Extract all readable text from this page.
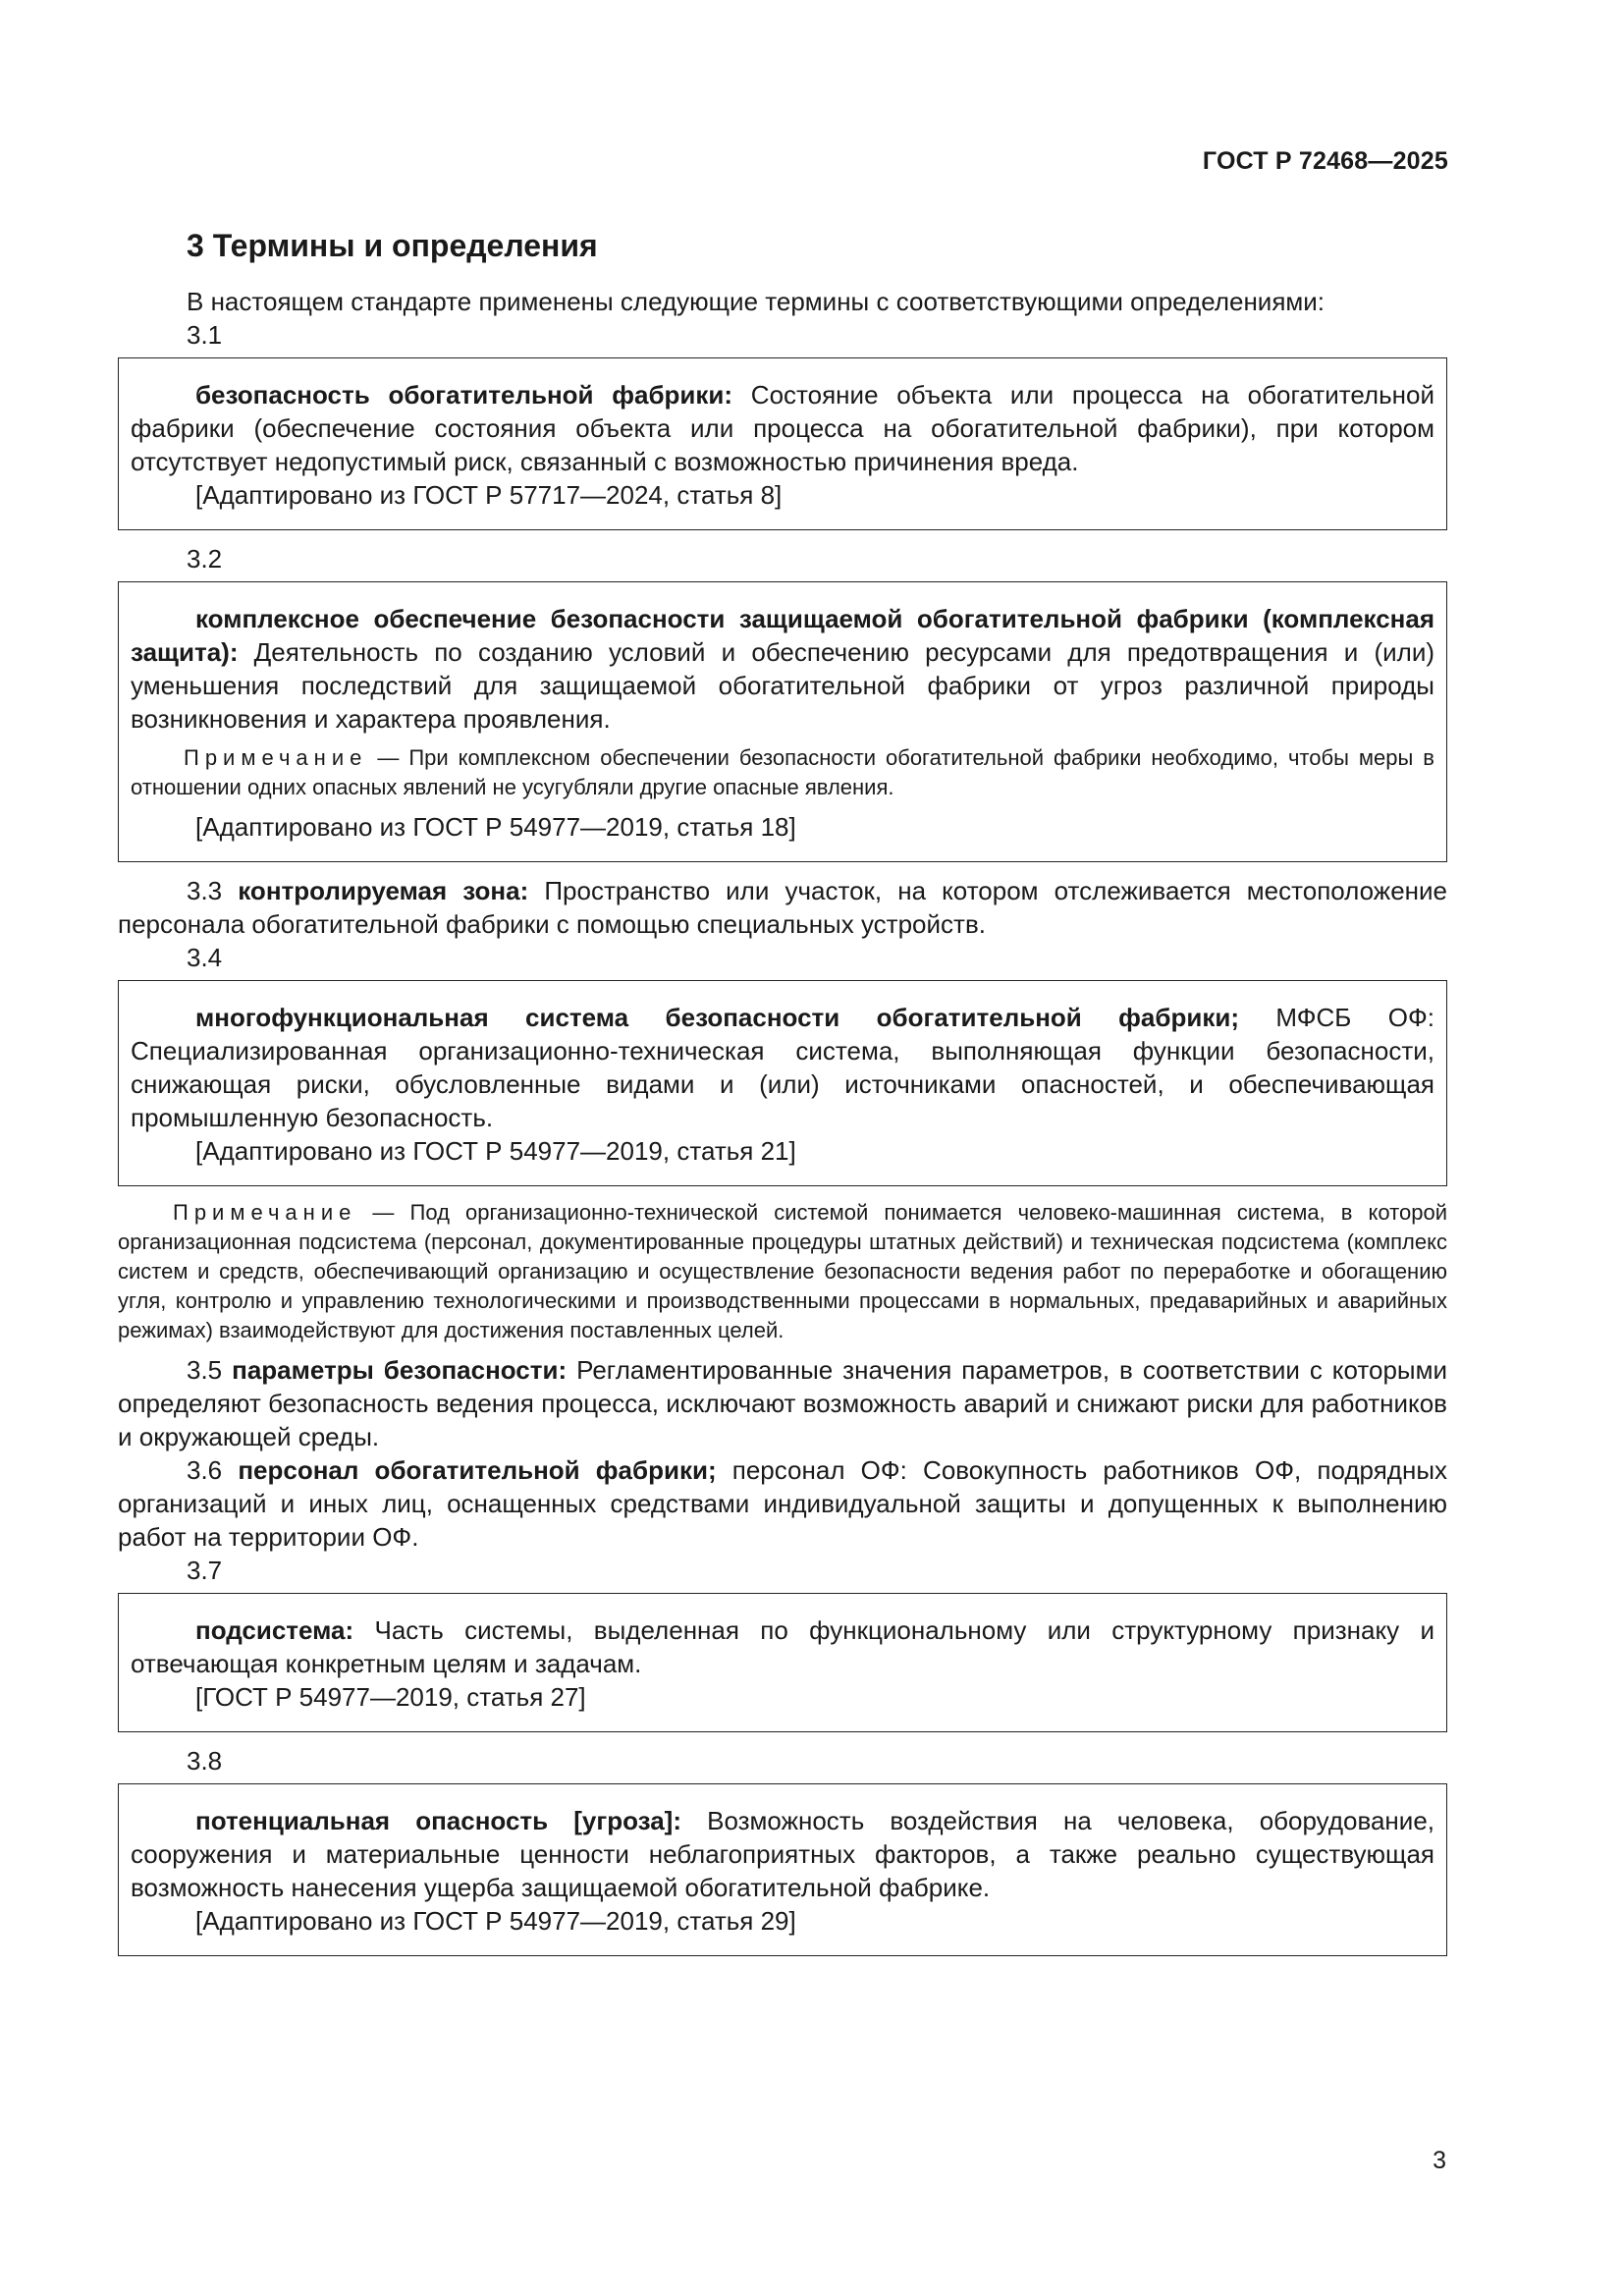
ГОСТ Р 72468—2025
3 Термины и определения

В настоящем стандарте применены следующие термины с соответствующими определениями:

3.1

безопасность обогатительной фабрики: Состояние объекта или процесса на обогатительной фабрики (обеспечение состояния объекта или процесса на обогатительной фабрики), при котором отсутствует недопустимый риск, связанный с возможностью причинения вреда.

[Адаптировано из ГОСТ Р 57717—2024, статья 8]

3.2

комплексное обеспечение безопасности защищаемой обогатительной фабрики (комплексная защита): Деятельность по созданию условий и обеспечению ресурсами для предотвращения и (или) уменьшения последствий для защищаемой обогатительной фабрики от угроз различной природы возникновения и характера проявления.

Примечание — При комплексном обеспечении безопасности обогатительной фабрики необходимо, чтобы меры в отношении одних опасных явлений не усугубляли другие опасные явления.

[Адаптировано из ГОСТ Р 54977—2019, статья 18]

3.3 контролируемая зона: Пространство или участок, на котором отслеживается местоположение персонала обогатительной фабрики с помощью специальных устройств.

3.4

многофункциональная система безопасности обогатительной фабрики; МФСБ ОФ: Специализированная организационно-техническая система, выполняющая функции безопасности, снижающая риски, обусловленные видами и (или) источниками опасностей, и обеспечивающая промышленную безопасность.

[Адаптировано из ГОСТ Р 54977—2019, статья 21]

Примечание — Под организационно-технической системой понимается человеко-машинная система, в которой организационная подсистема (персонал, документированные процедуры штатных действий) и техническая подсистема (комплекс систем и средств, обеспечивающий организацию и осуществление безопасности ведения работ по переработке и обогащению угля, контролю и управлению технологическими и производственными процессами в нормальных, предаварийных и аварийных режимах) взаимодействуют для достижения поставленных целей.

3.5 параметры безопасности: Регламентированные значения параметров, в соответствии с которыми определяют безопасность ведения процесса, исключают возможность аварий и снижают риски для работников и окружающей среды.

3.6 персонал обогатительной фабрики; персонал ОФ: Совокупность работников ОФ, подрядных организаций и иных лиц, оснащенных средствами индивидуальной защиты и допущенных к выполнению работ на территории ОФ.

3.7

подсистема: Часть системы, выделенная по функциональному или структурному признаку и отвечающая конкретным целям и задачам.

[ГОСТ Р 54977—2019, статья 27]

3.8

потенциальная опасность [угроза]: Возможность воздействия на человека, оборудование, сооружения и материальные ценности неблагоприятных факторов, а также реально существующая возможность нанесения ущерба защищаемой обогатительной фабрике.

[Адаптировано из ГОСТ Р 54977—2019, статья 29]

3
